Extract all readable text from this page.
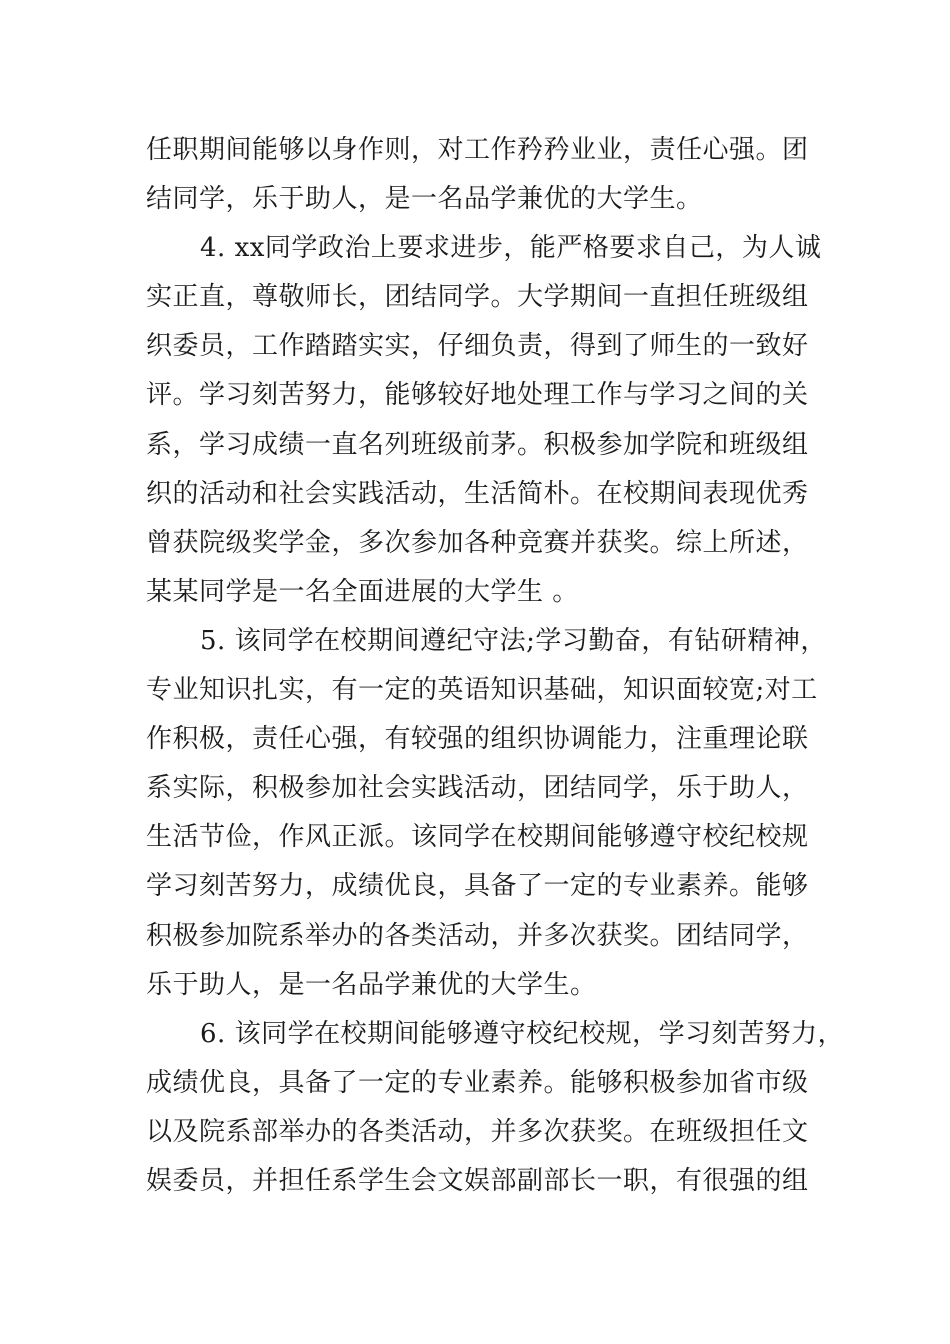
任职期间能够以身作则，对工作矜矜业业，责任心强。团
结同学，乐于助人，是一名品学兼优的大学生。
4. xx同学政治上要求进步，能严格要求自己，为人诚
实正直，尊敬师长，团结同学。大学期间一直担任班级组
织委员，工作踏踏实实，仔细负责，得到了师生的一致好
评。学习刻苦努力，能够较好地处理工作与学习之间的关
系，学习成绩一直名列班级前茅。积极参加学院和班级组
织的活动和社会实践活动，生活简朴。在校期间表现优秀
曾获院级奖学金，多次参加各种竞赛并获奖。综上所述，
某某同学是一名全面进展的大学生 。
5. 该同学在校期间遵纪守法;学习勤奋，有钻研精神，
专业知识扎实，有一定的英语知识基础，知识面较宽;对工
作积极，责任心强，有较强的组织协调能力，注重理论联
系实际，积极参加社会实践活动，团结同学，乐于助人，
生活节俭，作风正派。该同学在校期间能够遵守校纪校规
学习刻苦努力，成绩优良，具备了一定的专业素养。能够
积极参加院系举办的各类活动，并多次获奖。团结同学，
乐于助人，是一名品学兼优的大学生。
6. 该同学在校期间能够遵守校纪校规，学习刻苦努力，
成绩优良，具备了一定的专业素养。能够积极参加省市级
以及院系部举办的各类活动，并多次获奖。在班级担任文
娱委员，并担任系学生会文娱部副部长一职，有很强的组
